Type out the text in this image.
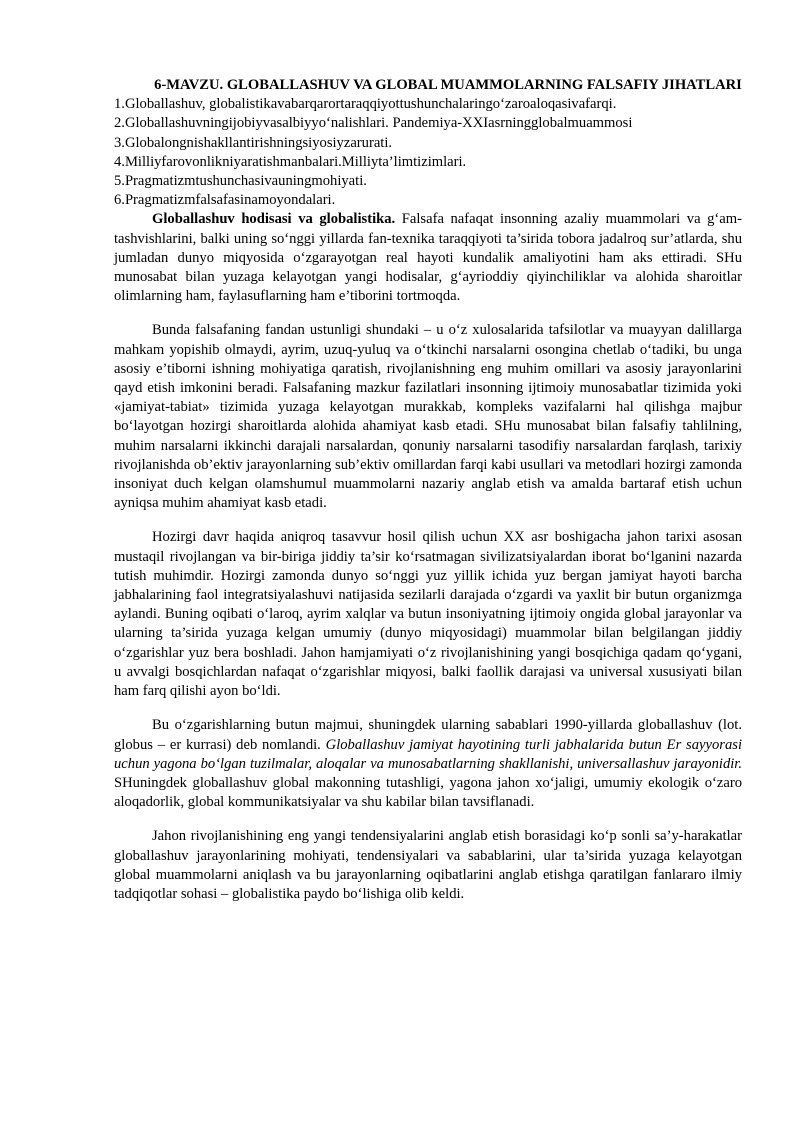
6-MAVZU. GLOBALLASHUV VA GLOBAL MUAMMOLARNING FALSAFIY JIHATLARI
1.Globallashuv, globalistikavabarqarortaraqqiyottushunchalaringo‘zaroaloqasivafarqi.
2.Globallashuvningijobiyvasalbiyyo‘nalishlari. Pandemiya-XXIasrningglobalmuammosi
3.Globalongnishakllantirishningsiyosiyzarurati.
4.Milliyfarovonlikniyaratishmanbalari.Milliyta’limtizimlari.
5.Pragmatizmtushunchasivauningmohiyati.
6.Pragmatizmfalsafasinamoyondalari.

Globallashuv hodisasi va globalistika. Falsafa nafaqat insonning azaliy muammolari va g‘am-tashvishlarini, balki uning so‘nggi yillarda fan-texnika taraqqiyoti ta’sirida tobora jadalroq sur’atlarda, shu jumladan dunyo miqyosida o‘zgarayotgan real hayoti kundalik amaliyotini ham aks ettiradi. SHu munosabat bilan yuzaga kelayotgan yangi hodisalar, g‘ayrioddiy qiyinchiliklar va alohida sharoitlar olimlarning ham, faylasuflarning ham e’tiborini tortmoqda.

Bunda falsafaning fandan ustunligi shundaki – u o‘z xulosalarida tafsilotlar va muayyan dalillarga mahkam yopishib olmaydi, ayrim, uzuq-yuluq va o‘tkinchi narsalarni osongina chetlab o‘tadiki, bu unga asosiy e’tiborni ishning mohiyatiga qaratish, rivojlanishning eng muhim omillari va asosiy jarayonlarini qayd etish imkonini beradi. Falsafaning mazkur fazilatlari insonning ijtimoiy munosabatlar tizimida yoki «jamiyat-tabiat» tizimida yuzaga kelayotgan murakkab, kompleks vazifalarni hal qilishga majbur bo‘layotgan hozirgi sharoitlarda alohida ahamiyat kasb etadi. SHu munosabat bilan falsafiy tahlilning, muhim narsalarni ikkinchi darajali narsalardan, qonuniy narsalarni tasodifiy narsalardan farqlash, tarixiy rivojlanishda ob’ektiv jarayonlarning sub’ektiv omillardan farqi kabi usullari va metodlari hozirgi zamonda insoniyat duch kelgan olamshumul muammolarni nazariy anglab etish va amalda bartaraf etish uchun ayniqsa muhim ahamiyat kasb etadi.

Hozirgi davr haqida aniqroq tasavvur hosil qilish uchun XX asr boshigacha jahon tarixi asosan mustaqil rivojlangan va bir-biriga jiddiy ta’sir ko‘rsatmagan sivilizatsiyalardan iborat bo‘lganini nazarda tutish muhimdir. Hozirgi zamonda dunyo so‘nggi yuz yillik ichida yuz bergan jamiyat hayoti barcha jabhalarining faol integratsiyalashuvi natijasida sezilarli darajada o‘zgardi va yaxlit bir butun organizmga aylandi. Buning oqibati o‘laroq, ayrim xalqlar va butun insoniyatning ijtimoiy ongida global jarayonlar va ularning ta’sirida yuzaga kelgan umumiy (dunyo miqyosidagi) muammolar bilan belgilangan jiddiy o‘zgarishlar yuz bera boshladi. Jahon hamjamiyati o‘z rivojlanishining yangi bosqichiga qadam qo‘ygani, u avvalgi bosqichlardan nafaqat o‘zgarishlar miqyosi, balki faollik darajasi va universal xususiyati bilan ham farq qilishi ayon bo‘ldi.

Bu o‘zgarishlarning butun majmui, shuningdek ularning sabablari 1990-yillarda globallashuv (lot. globus – er kurrasi) deb nomlandi. Globallashuv jamiyat hayotining turli jabhalarida butun Er sayyorasi uchun yagona bo‘lgan tuzilmalar, aloqalar va munosabatlarning shakllanishi, universallashuv jarayonidir. SHuningdek globallashuv global makonning tutashligi, yagona jahon xo‘jaligi, umumiy ekologik o‘zaro aloqadorlik, global kommunikatsiyalar va shu kabilar bilan tavsiflanadi.

Jahon rivojlanishining eng yangi tendensiyalarini anglab etish borasidagi ko‘p sonli sa’y-harakatlar globallashuv jarayonlarining mohiyati, tendensiyalari va sabablarini, ular ta’sirida yuzaga kelayotgan global muammolarni aniqlash va bu jarayonlarning oqibatlarini anglab etishga qaratilgan fanlararo ilmiy tadqiqotlar sohasi – globalistika paydo bo‘lishiga olib keldi.
